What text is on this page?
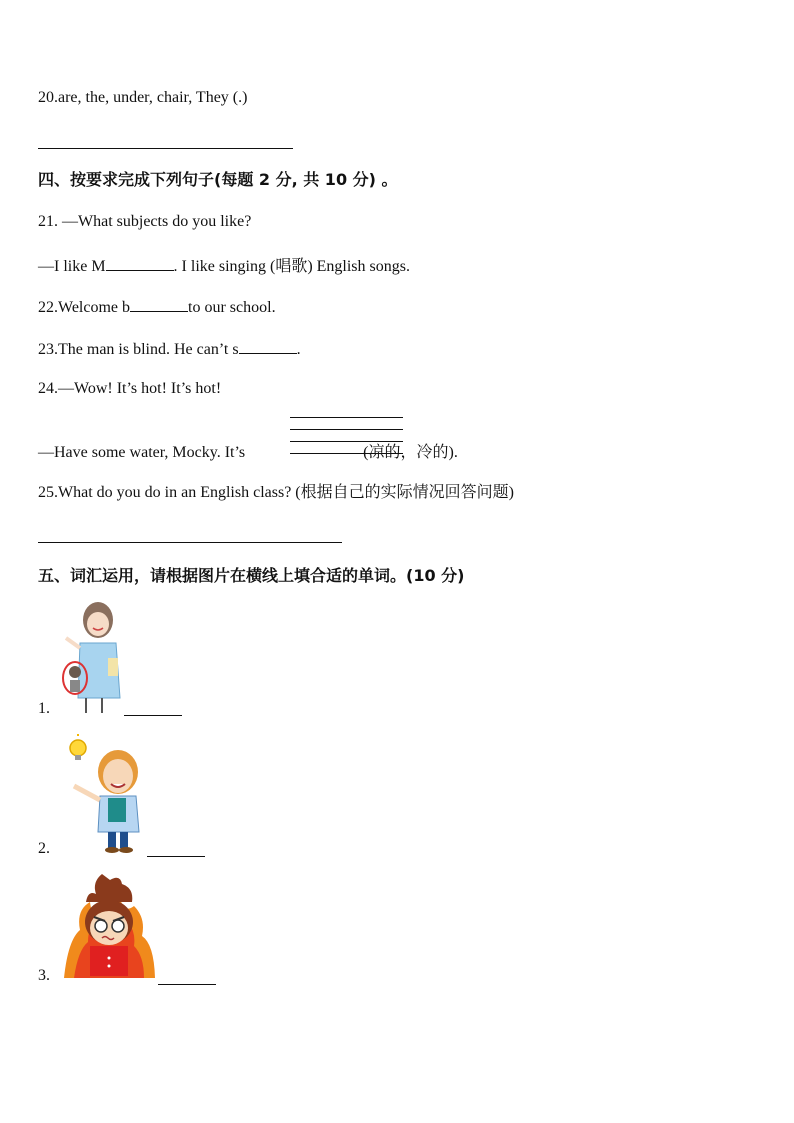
20.are, the, under, chair, They (.)
四、按要求完成下列句子(每题 2 分, 共 10 分) 。
21. —What subjects do you like?
—I like M	. I like singing (唱歌) English songs.
22.Welcome b	to our school.
23.The man is blind. He can’t s	.
24.—Wow! It’s hot! It’s hot!
—Have some water, Mocky. It’s	(凉的，冷的).
25.What do you do in an English class? (根据自己的实际情况回答问题)
五、词汇运用，请根据图片在横线上填合适的单词。(10 分)
1.
2.
3.
